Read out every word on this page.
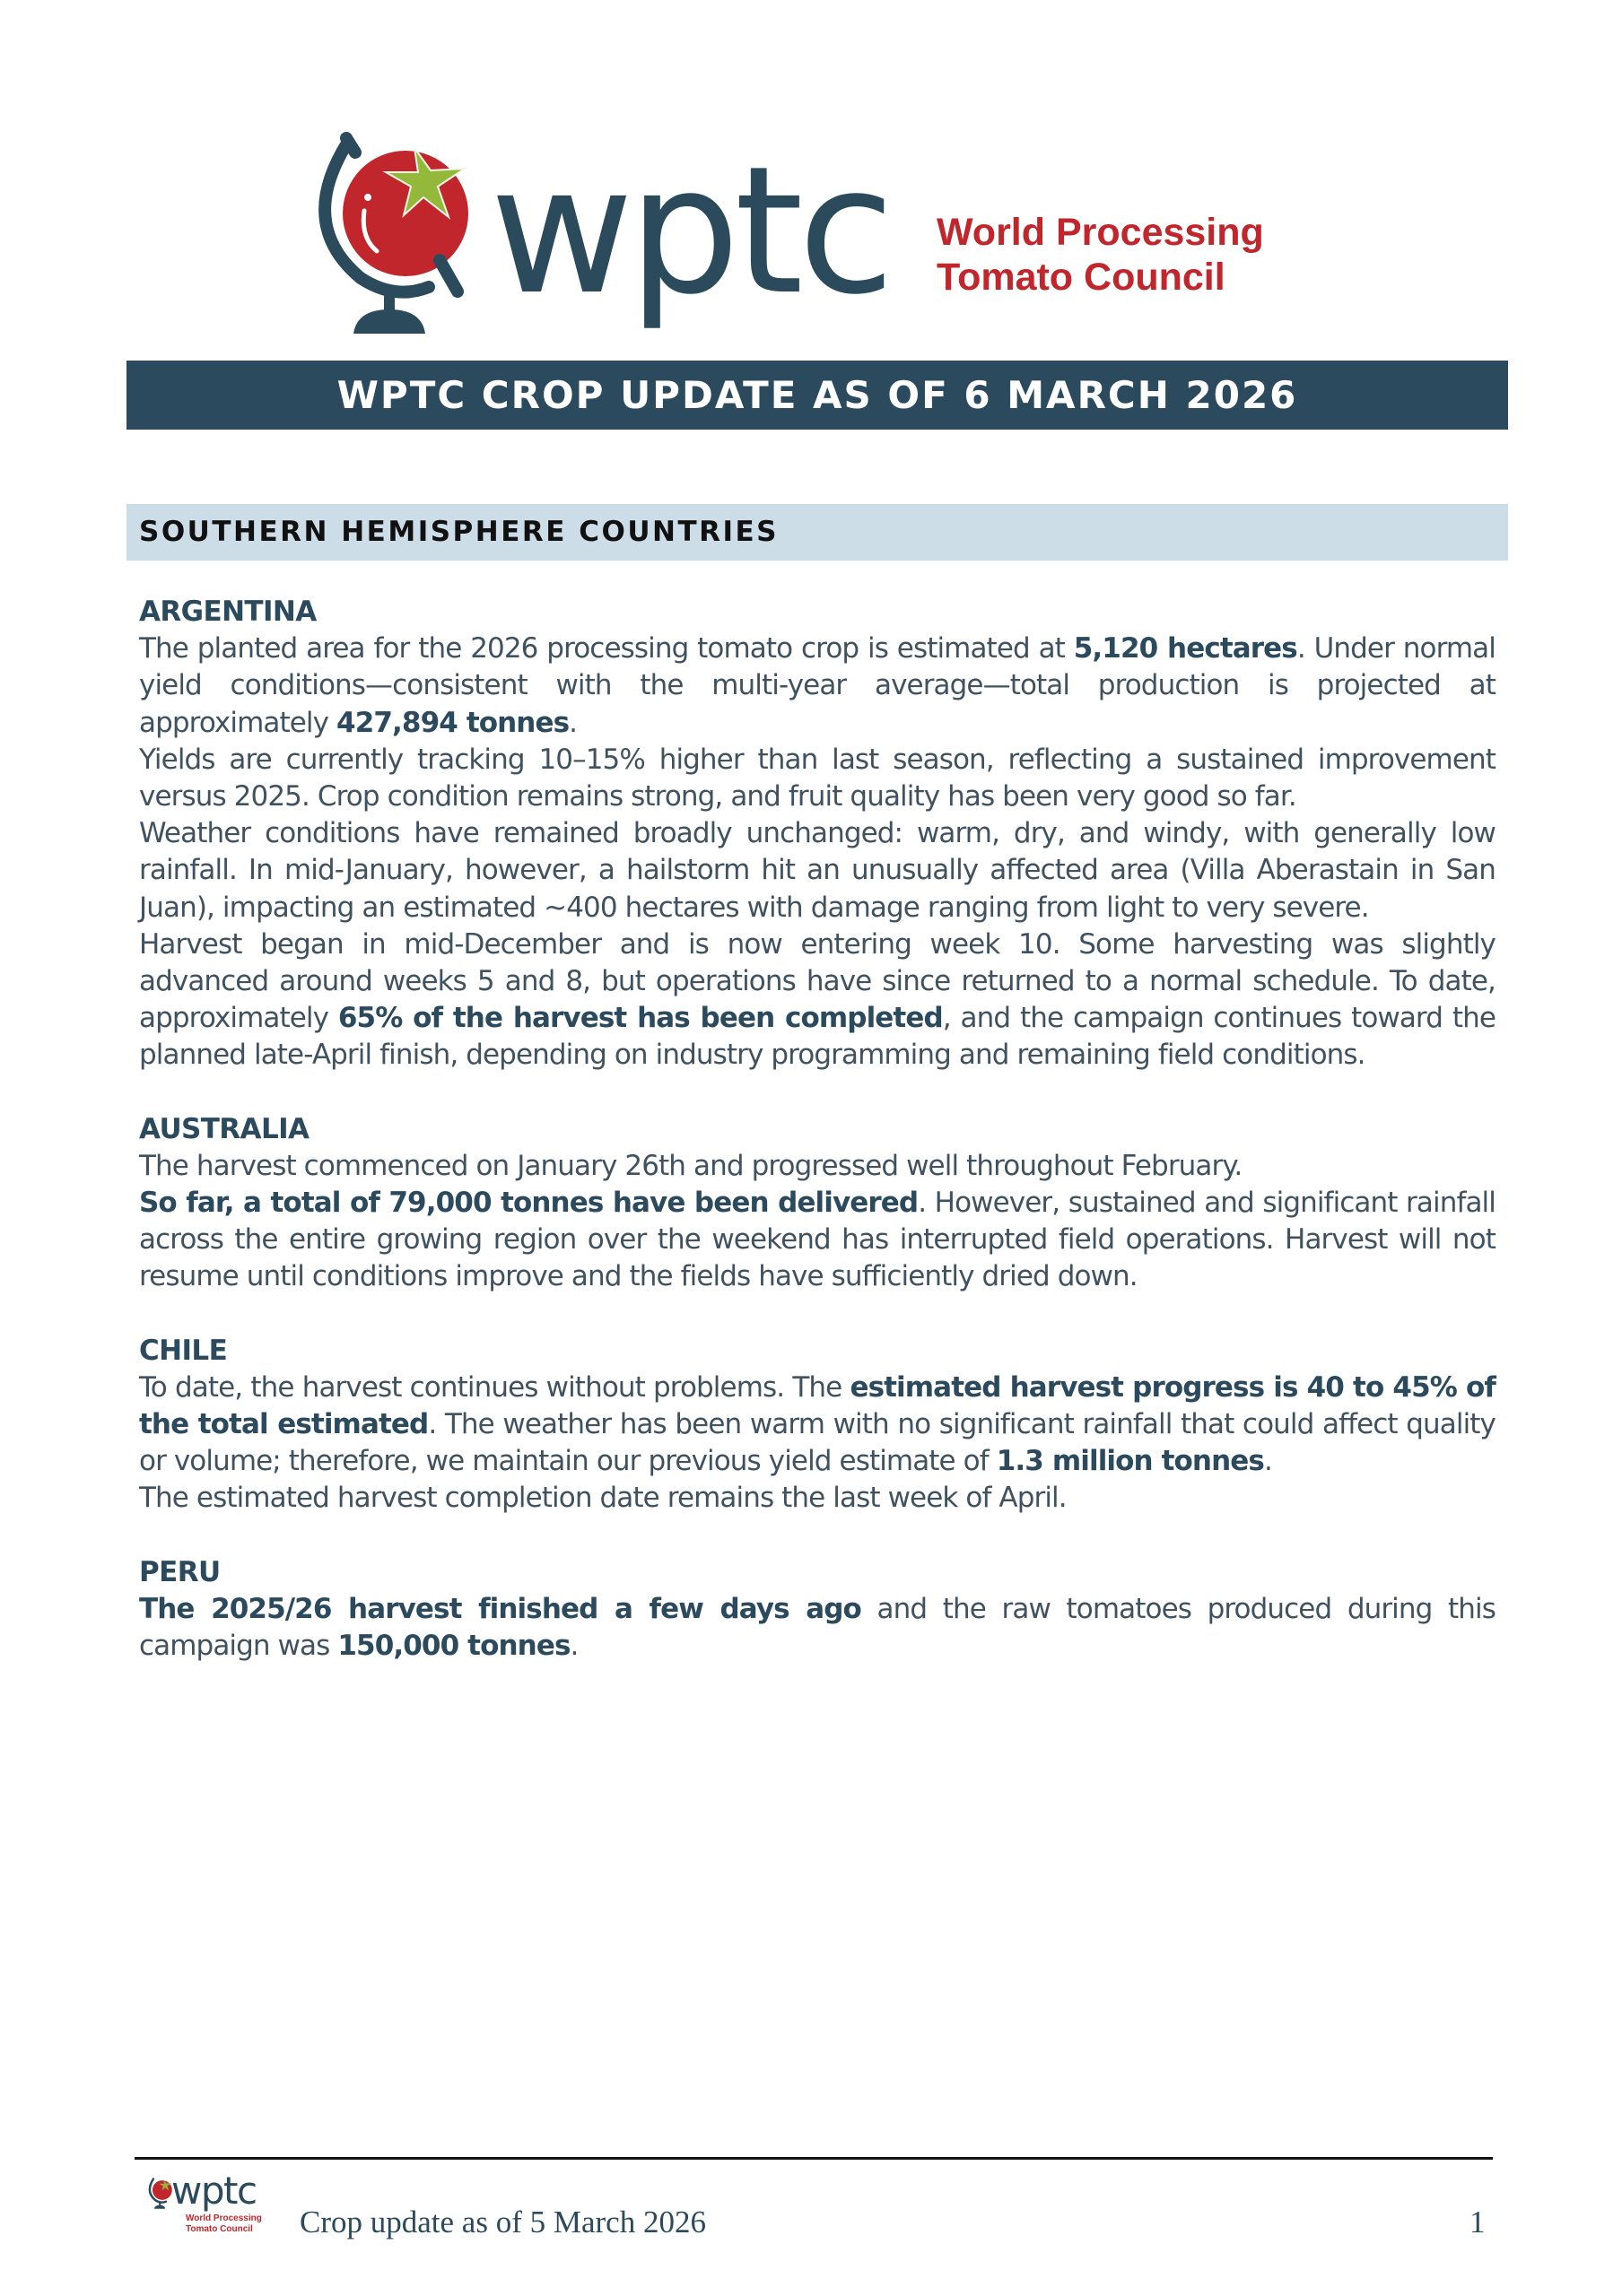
wptc World Processing
Tomato Council
WPTC CROP UPDATE AS OF 6 MARCH 2026
SOUTHERN HEMISPHERE COUNTRIES
ARGENTINA

The planted area for the 2026 processing tomato crop is estimated at 5,120 hectares. Under normal yield conditions—consistent with the multi-year average—total production is projected at approximately 427,894 tonnes.

Yields are currently tracking 10–15% higher than last season, reflecting a sustained improvement versus 2025. Crop condition remains strong, and fruit quality has been very good so far.

Weather conditions have remained broadly unchanged: warm, dry, and windy, with generally low rainfall. In mid-January, however, a hailstorm hit an unusually affected area (Villa Aberastain in San Juan), impacting an estimated ~400 hectares with damage ranging from light to very severe.

Harvest began in mid-December and is now entering week 10. Some harvesting was slightly advanced around weeks 5 and 8, but operations have since returned to a normal schedule. To date, approximately 65% of the harvest has been completed, and the campaign continues toward the planned late-April finish, depending on industry programming and remaining field conditions.

AUSTRALIA

The harvest commenced on January 26th and progressed well throughout February.

So far, a total of 79,000 tonnes have been delivered. However, sustained and significant rainfall across the entire growing region over the weekend has interrupted field operations. Harvest will not resume until conditions improve and the fields have sufficiently dried down.

CHILE

To date, the harvest continues without problems. The estimated harvest progress is 40 to 45% of the total estimated. The weather has been warm with no significant rainfall that could affect quality or volume; therefore, we maintain our previous yield estimate of 1.3 million tonnes.

The estimated harvest completion date remains the last week of April.

PERU

The 2025/26 harvest finished a few days ago and the raw tomatoes produced during this campaign was 150,000 tonnes.

wptc
World Processing
Tomato Council Crop update as of 5 March 2026	1
